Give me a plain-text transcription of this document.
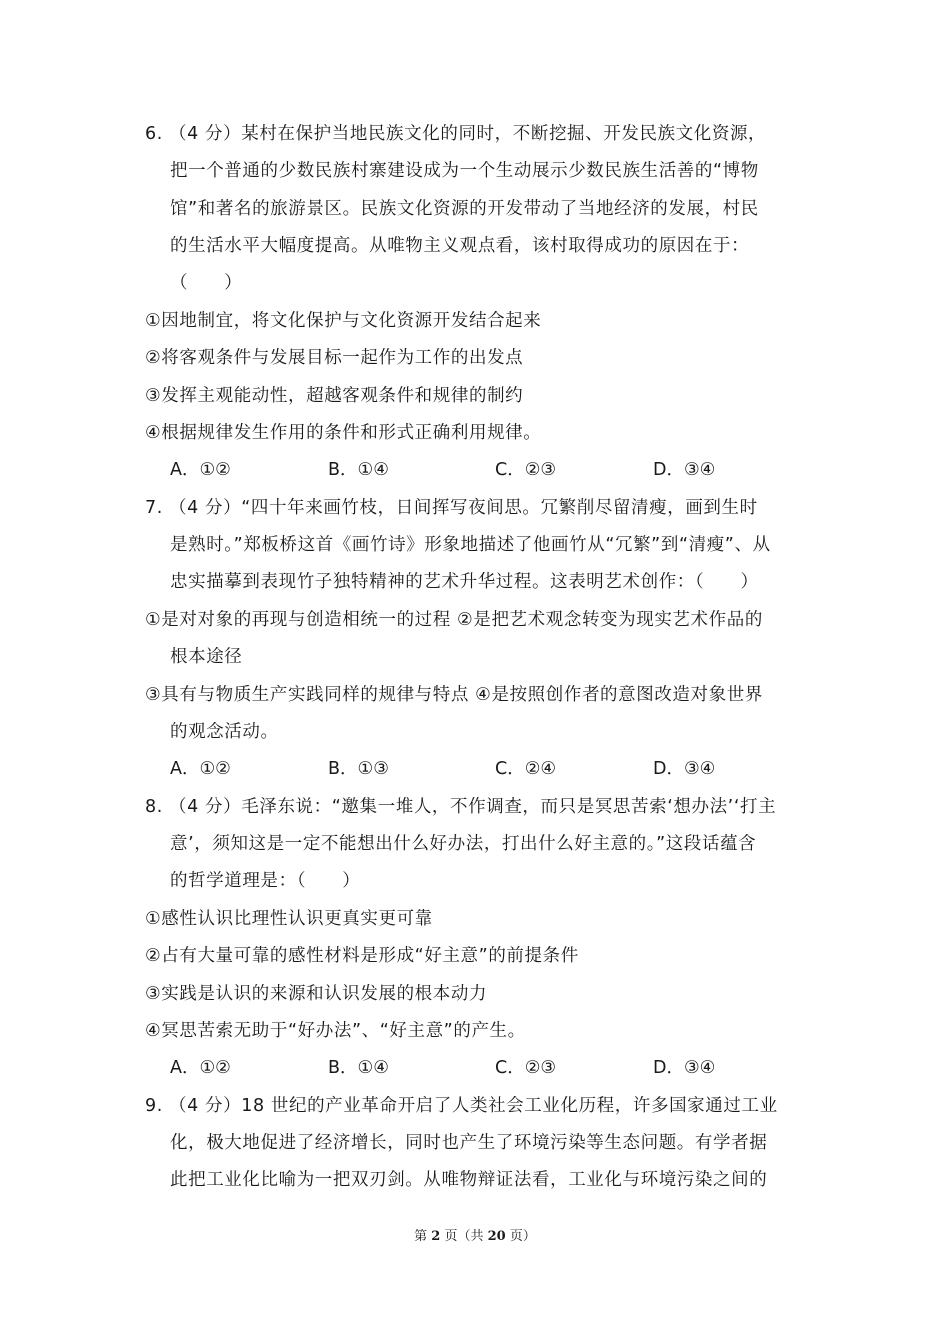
6. （4 分）某村在保护当地民族文化的同时，不断挖掘、开发民族文化资源，
把一个普通的少数民族村寨建设成为一个生动展示少数民族生活善的“博物
馆”和著名的旅游景区。民族文化资源的开发带动了当地经济的发展，村民
的生活水平大幅度提高。从唯物主义观点看，该村取得成功的原因在于：
（　　）
①因地制宜，将文化保护与文化资源开发结合起来
②将客观条件与发展目标一起作为工作的出发点
③发挥主观能动性，超越客观条件和规律的制约
④根据规律发生作用的条件和形式正确利用规律。
A．①②	B．①④	C．②③	D．③④
7. （4 分）“四十年来画竹枝，日间挥写夜间思。冗繁削尽留清瘦，画到生时
是熟时。”郑板桥这首《画竹诗》形象地描述了他画竹从“冗繁”到“清瘦”、从
忠实描摹到表现竹子独特精神的艺术升华过程。这表明艺术创作：（　　）
①是对对象的再现与创造相统一的过程 ②是把艺术观念转变为现实艺术作品的
根本途径
③具有与物质生产实践同样的规律与特点 ④是按照创作者的意图改造对象世界
的观念活动。
A．①②	B．①③	C．②④	D．③④
8. （4 分）毛泽东说：“邀集一堆人，不作调查，而只是冥思苦索‘想办法’‘打主
意’，须知这是一定不能想出什么好办法，打出什么好主意的。”这段话蕴含
的哲学道理是：（　　）
①感性认识比理性认识更真实更可靠
②占有大量可靠的感性材料是形成“好主意”的前提条件
③实践是认识的来源和认识发展的根本动力
④冥思苦索无助于“好办法”、“好主意”的产生。
A．①②	B．①④	C．②③	D．③④
9. （4 分）18 世纪的产业革命开启了人类社会工业化历程，许多国家通过工业
化，极大地促进了经济增长，同时也产生了环境污染等生态问题。有学者据
此把工业化比喻为一把双刃剑。从唯物辩证法看，工业化与环境污染之间的
第 2 页（共 20 页）
